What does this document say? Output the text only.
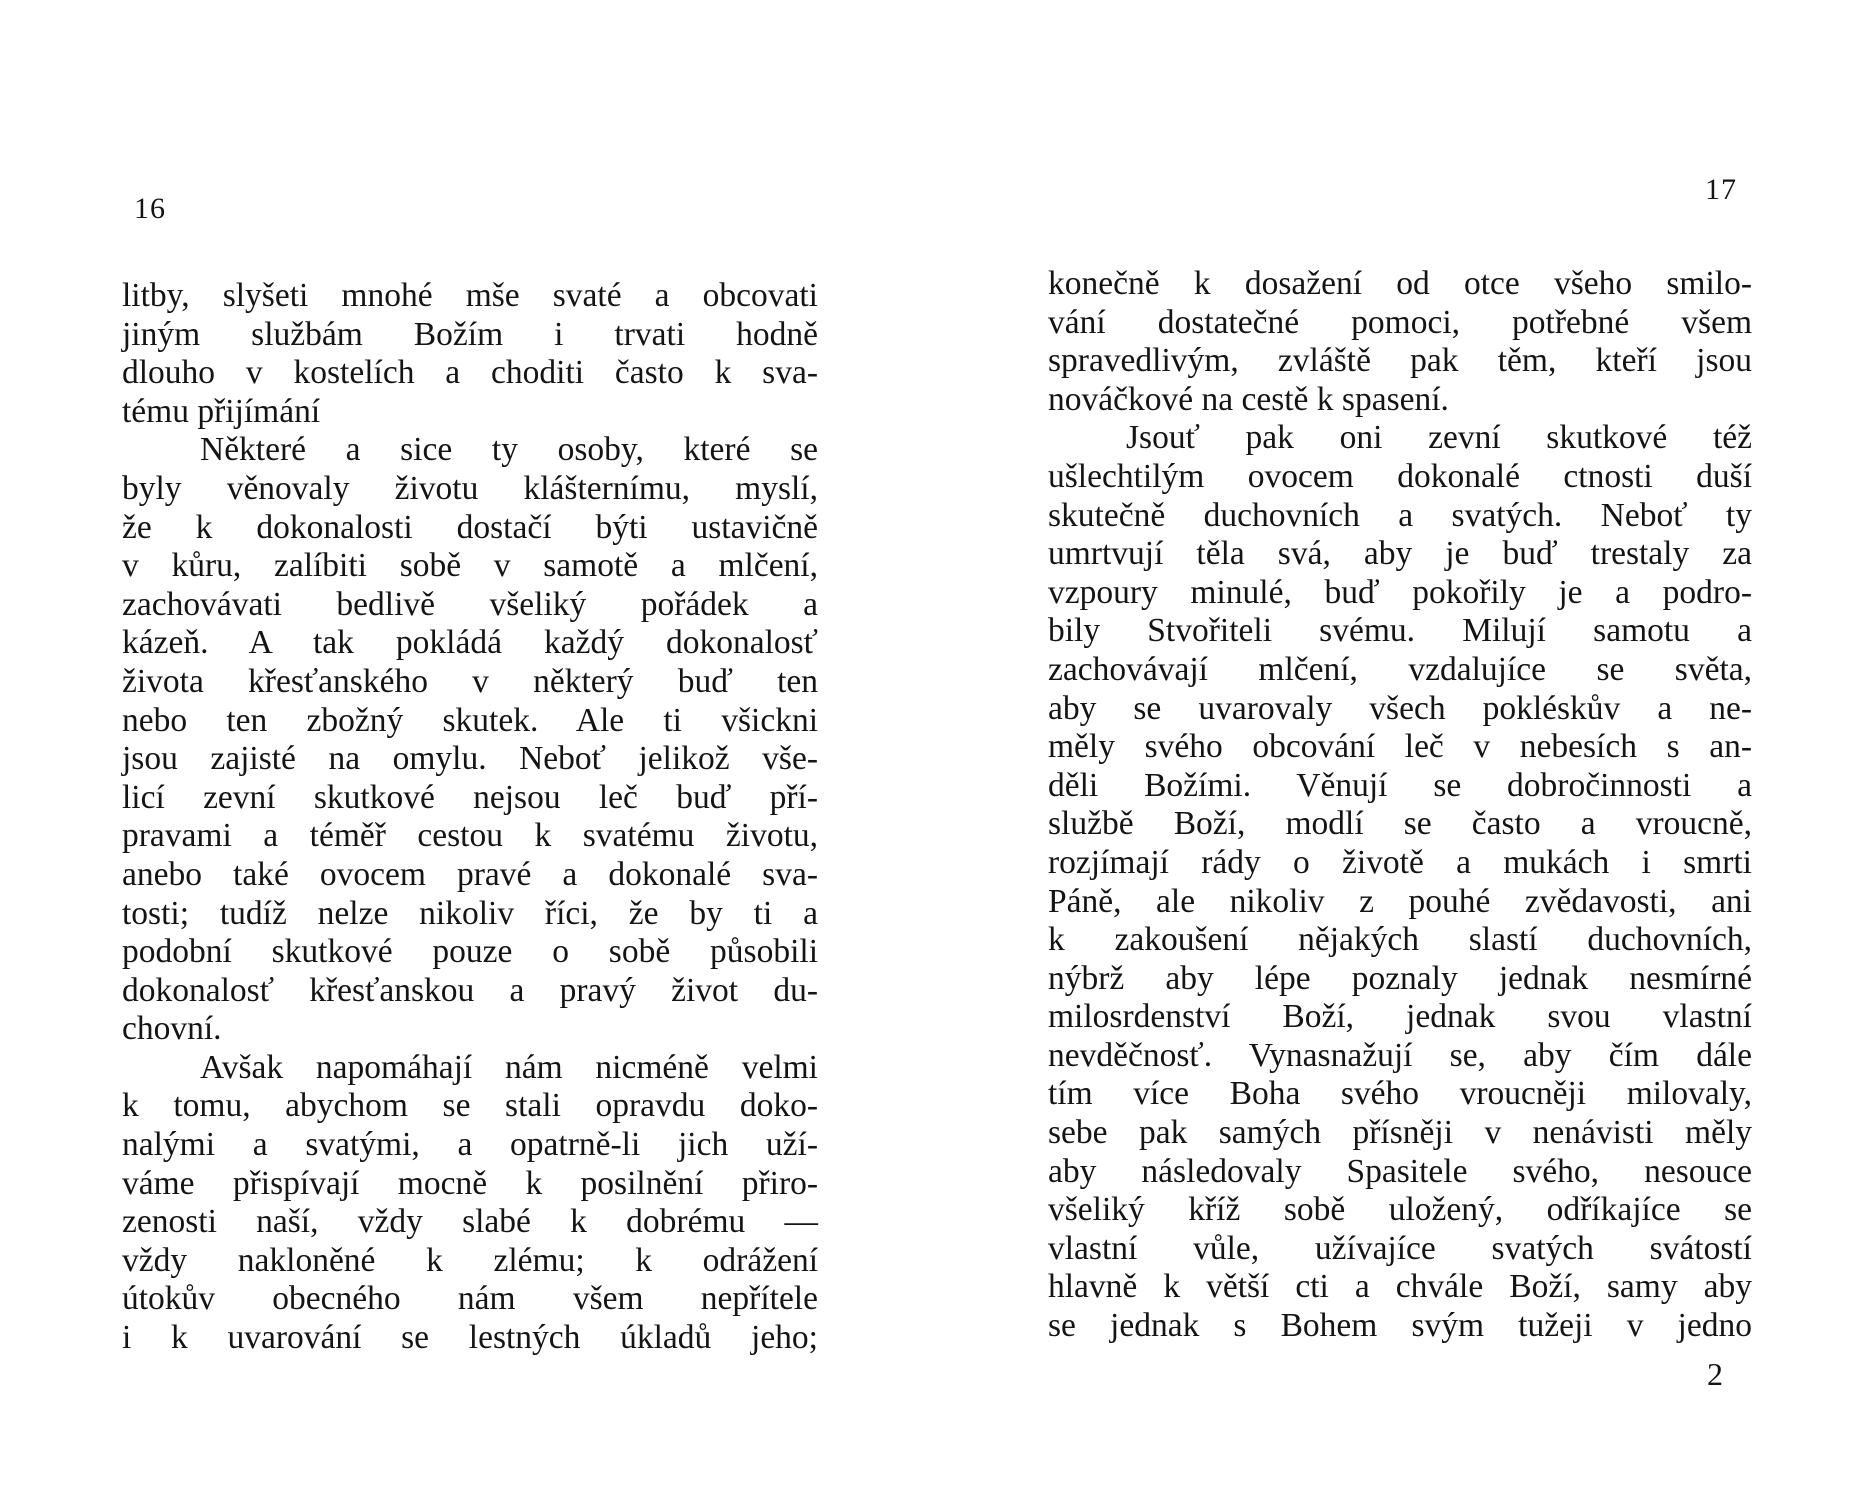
16
litby, slyšeti mnohé mše svaté a obcovati
jiným službám Božím i trvati hodně
dlouho v kostelích a choditi často k sva-
tému přijímání
Některé a sice ty osoby, které se
byly věnovaly životu klášternímu, myslí,
že k dokonalosti dostačí býti ustavičně
v kůru, zalíbiti sobě v samotě a mlčení,
zachovávati bedlivě všeliký pořádek a
kázeň. A tak pokládá každý dokonalosť
života křesťanského v některý buď ten
nebo ten zbožný skutek. Ale ti všickni
jsou zajisté na omylu. Neboť jelikož vše-
licí zevní skutkové nejsou leč buď pří-
pravami a téměř cestou k svatému životu,
anebo také ovocem pravé a dokonalé sva-
tosti; tudíž nelze nikoliv říci, že by ti a
podobní skutkové pouze o sobě působili
dokonalosť křesťanskou a pravý život du-
chovní.
Avšak napomáhají nám nicméně velmi
k tomu, abychom se stali opravdu doko-
nalými a svatými, a opatrně-li jich uží-
váme přispívají mocně k posilnění přiro-
zenosti naší, vždy slabé k dobrému —
vždy nakloněné k zlému; k odrážení
útokův obecného nám všem nepřítele
i k uvarování se lestných úkladů jeho;
17
konečně k dosažení od otce všeho smilo-
vání dostatečné pomoci, potřebné všem
spravedlivým, zvláště pak těm, kteří jsou
nováčkové na cestě k spasení.
Jsouť pak oni zevní skutkové též
ušlechtilým ovocem dokonalé ctnosti duší
skutečně duchovních a svatých. Neboť ty
umrtvují těla svá, aby je buď trestaly za
vzpoury minulé, buď pokořily je a podro-
bily Stvořiteli svému. Milují samotu a
zachovávají mlčení, vzdalujíce se světa,
aby se uvarovaly všech pokléskův a ne-
měly svého obcování leč v nebesích s an-
děli Božími. Věnují se dobročinnosti a
službě Boží, modlí se často a vroucně,
rozjímají rády o životě a mukách i smrti
Páně, ale nikoliv z pouhé zvědavosti, ani
k zakoušení nějakých slastí duchovních,
nýbrž aby lépe poznaly jednak nesmírné
milosrdenství Boží, jednak svou vlastní
nevděčnosť. Vynasnažují se, aby čím dále
tím více Boha svého vroucněji milovaly,
sebe pak samých přísněji v nenávisti měly
aby následovaly Spasitele svého, nesouce
všeliký kříž sobě uložený, odříkajíce se
vlastní vůle, užívajíce svatých svátostí
hlavně k větší cti a chvále Boží, samy aby
se jednak s Bohem svým tužeji v jedno
2
